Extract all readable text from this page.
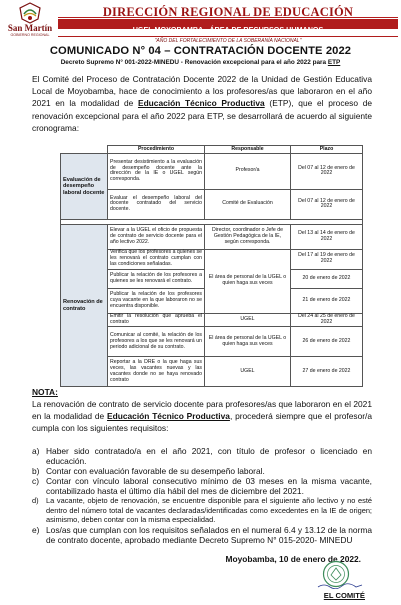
San Martín
GOBIERNO REGIONAL
DIRECCIÓN REGIONAL DE EDUCACIÓN
"AÑO DEL FORTALECIMIENTO DE LA SOBERANÍA NACIONAL"
COMUNICADO N° 04 – CONTRATACIÓN DOCENTE 2022
Decreto Supremo N° 001-2022-MINEDU - Renovación excepcional para el año 2022 para ETP

El Comité del Proceso de Contratación Docente 2022 de la Unidad de Gestión Educativa Local de Moyobamba, hace de conocimiento a los profesores/as que laboraron en el año 2021 en la modalidad de Educación Técnico Productiva (ETP), que el proceso de renovación excepcional para el año 2022 para ETP, se desarrollará de acuerdo al siguiente cronograma:

	Procedimiento	Responsable	Plazo
Evaluación de desempeño laboral docente	Presentar desistimiento a la evaluación de desempeño docente ante la dirección de la IE o UGEL según corresponda.	Profesor/a	Del 07 al 12 de enero de 2022
	Evaluar el desempeño laboral del docente contratado del servicio docente.	Comité de Evaluación	Del 07 al 12 de enero de 2022

Renovación de contrato	Elevar a la UGEL el oficio de propuesta de contrato de servicio docente para el año lectivo 2022.	Director, coordinador o Jefe de Gestión Pedagógica de la IE, según corresponda.	Del 13 al 14 de enero de 2022
	Verifica que los profesores a quienes se les renovará el contrato cumplan con las condiciones señaladas.	El área de personal de la UGEL o quien haga sus veces	Del 17 al 19 de enero de 2022
	Publicar la relación de los profesores a quienes se les renovará el contrato.		20 de enero de 2022
	Publicar la relación de los profesores cuya vacante en la que laboraron no se encuentra disponible.		21 de enero de 2022
	Emitir la resolución que aprueba el contrato	UGEL	Del 24 al 25 de enero de 2022
	Comunicar al comité, la relación de los profesores a los que se les renovará un periodo adicional de su contrato.	El área de personal de la UGEL o quien haga sus veces	26 de enero de 2022
	Reportar a la DRE o la que haga sus veces, las vacantes nuevas y las vacantes donde no se haya renovado contrato	UGEL	27 de enero de 2022
NOTA:

La renovación de contrato de servicio docente para profesores/as que laboraron en el 2021 en la modalidad de Educación Técnico Productiva, procederá siempre que el profesor/a cumpla con los siguientes requisitos:

a) Haber sido contratado/a en el año 2021, con título de profesor o licenciado en educación.
b) Contar con evaluación favorable de su desempeño laboral.
c) Contar con vínculo laboral consecutivo mínimo de 03 meses en la misma vacante, contabilizado hasta el último día hábil del mes de diciembre del 2021.
d) La vacante, objeto de renovación, se encuentre disponible para el siguiente año lectivo y no esté dentro del número total de vacantes declaradas/identificadas como excedentes en la IE de origen; asimismo, deben contar con la misma especialidad.
e) Los/as que cumplan con los requisitos señalados en el numeral 6.4 y 13.12 de la norma de contrato docente, aprobado mediante Decreto Supremo N° 015-2020- MINEDU
Moyobamba, 10 de enero de 2022.
EL COMITÉ
